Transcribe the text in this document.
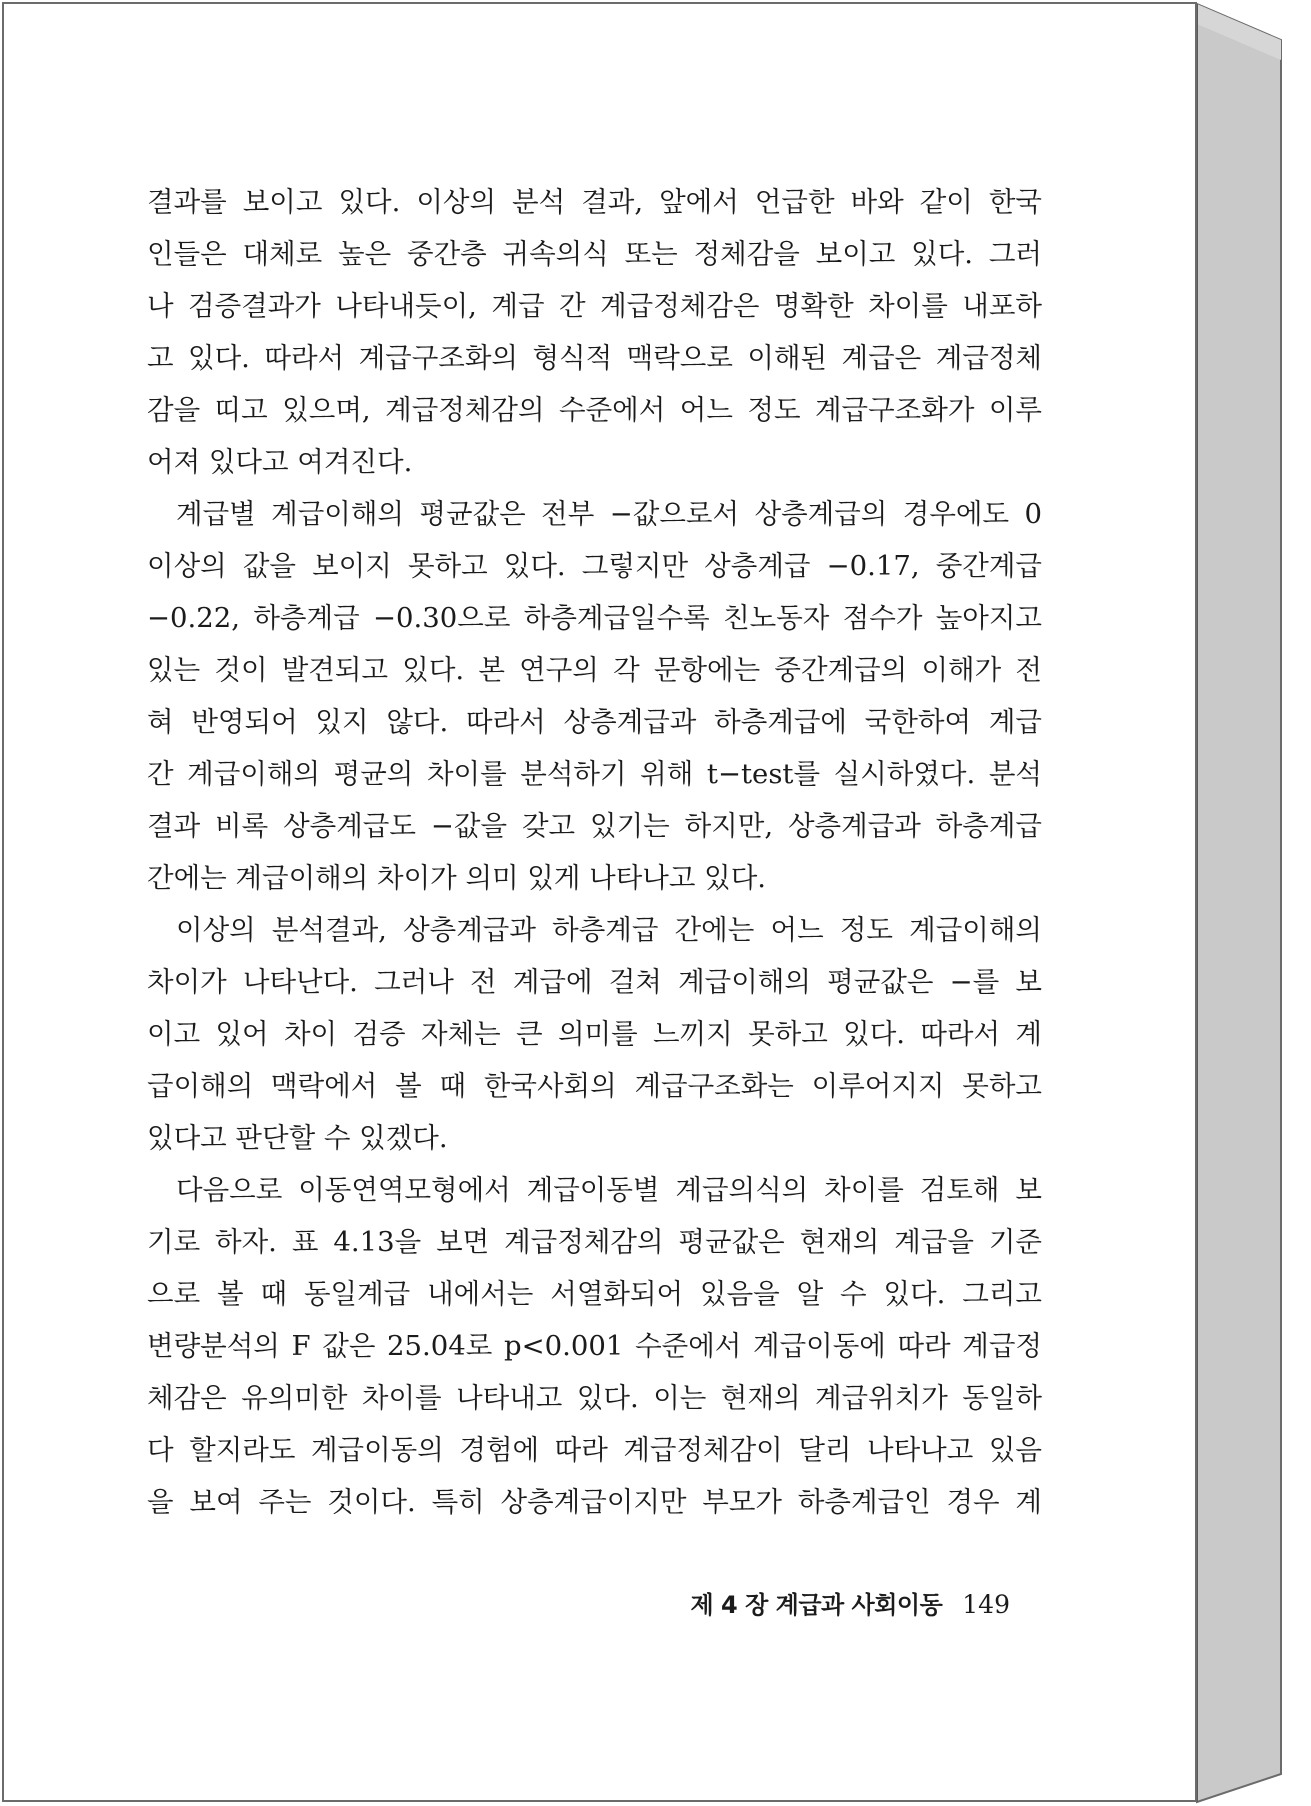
결과를 보이고 있다. 이상의 분석 결과, 앞에서 언급한 바와 같이 한국
인들은 대체로 높은 중간층 귀속의식 또는 정체감을 보이고 있다. 그러
나 검증결과가 나타내듯이, 계급 간 계급정체감은 명확한 차이를 내포하
고 있다. 따라서 계급구조화의 형식적 맥락으로 이해된 계급은 계급정체
감을 띠고 있으며, 계급정체감의 수준에서 어느 정도 계급구조화가 이루
어져 있다고 여겨진다.
계급별 계급이해의 평균값은 전부 −값으로서 상층계급의 경우에도 0
이상의 값을 보이지 못하고 있다. 그렇지만 상층계급 −0.17, 중간계급
−0.22, 하층계급 −0.30으로 하층계급일수록 친노동자 점수가 높아지고
있는 것이 발견되고 있다. 본 연구의 각 문항에는 중간계급의 이해가 전
혀 반영되어 있지 않다. 따라서 상층계급과 하층계급에 국한하여 계급
간 계급이해의 평균의 차이를 분석하기 위해 t−test를 실시하였다. 분석
결과 비록 상층계급도 −값을 갖고 있기는 하지만, 상층계급과 하층계급
간에는 계급이해의 차이가 의미 있게 나타나고 있다.
이상의 분석결과, 상층계급과 하층계급 간에는 어느 정도 계급이해의
차이가 나타난다. 그러나 전 계급에 걸쳐 계급이해의 평균값은 −를 보
이고 있어 차이 검증 자체는 큰 의미를 느끼지 못하고 있다. 따라서 계
급이해의 맥락에서 볼 때 한국사회의 계급구조화는 이루어지지 못하고
있다고 판단할 수 있겠다.
다음으로 이동연역모형에서 계급이동별 계급의식의 차이를 검토해 보
기로 하자. 표 4.13을 보면 계급정체감의 평균값은 현재의 계급을 기준
으로 볼 때 동일계급 내에서는 서열화되어 있음을 알 수 있다. 그리고
변량분석의 F 값은 25.04로 p<0.001 수준에서 계급이동에 따라 계급정
체감은 유의미한 차이를 나타내고 있다. 이는 현재의 계급위치가 동일하
다 할지라도 계급이동의 경험에 따라 계급정체감이 달리 나타나고 있음
을 보여 주는 것이다. 특히 상층계급이지만 부모가 하층계급인 경우 계
제 4 장 계급과 사회이동 149
